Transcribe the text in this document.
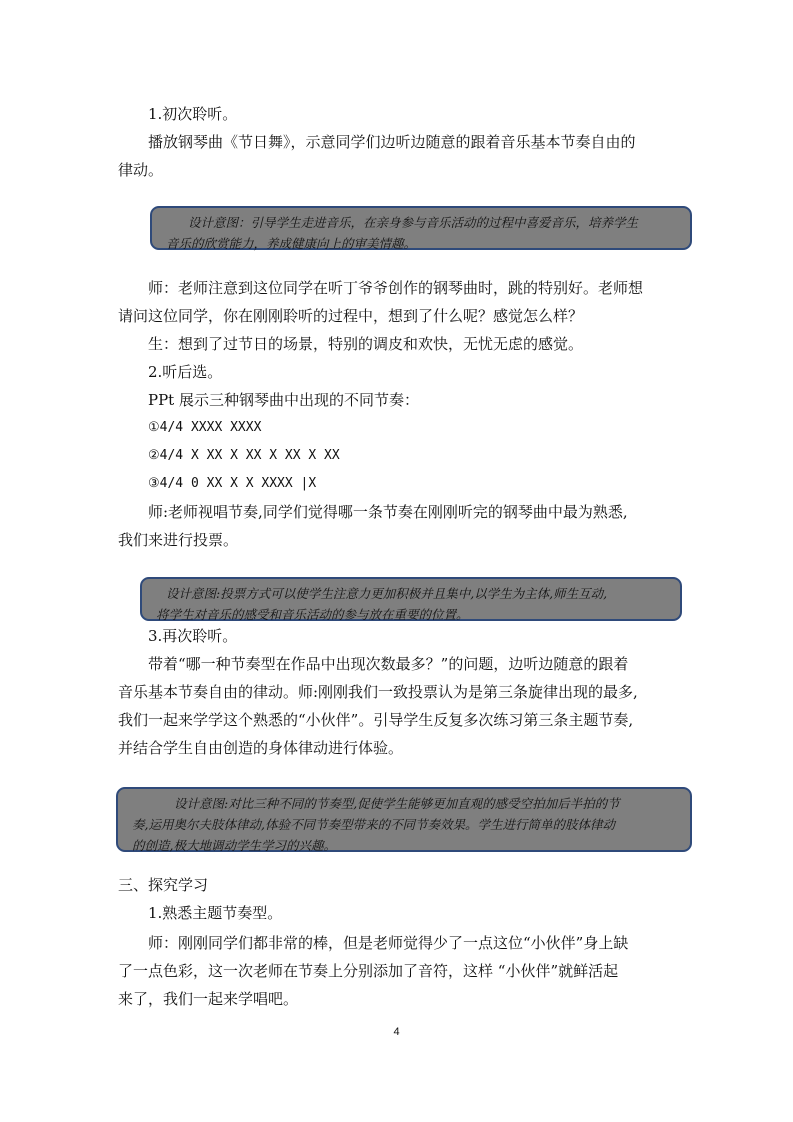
1.初次聆听。

播放钢琴曲《节日舞》，示意同学们边听边随意的跟着音乐基本节奏自由的

律动。

设计意图：引导学生走进音乐，在亲身参与音乐活动的过程中喜爱音乐，培养学生
音乐的欣赏能力，养成健康向上的审美情趣。

师：老师注意到这位同学在听丁爷爷创作的钢琴曲时，跳的特别好。老师想

请问这位同学，你在刚刚聆听的过程中，想到了什么呢？感觉怎么样？

生：想到了过节日的场景，特别的调皮和欢快，无忧无虑的感觉。

2.听后选。

PPt 展示三种钢琴曲中出现的不同节奏：

①4/4 XXXX XXXX

②4/4 X XX X XX X XX X XX

③4/4 0 XX X X XXXX |X

师:老师视唱节奏,同学们觉得哪一条节奏在刚刚听完的钢琴曲中最为熟悉,

我们来进行投票。

设计意图:投票方式可以使学生注意力更加积极并且集中,以学生为主体,师生互动,
将学生对音乐的感受和音乐活动的参与放在重要的位置。

3.再次聆听。

带着“哪一种节奏型在作品中出现次数最多？”的问题，边听边随意的跟着

音乐基本节奏自由的律动。师:刚刚我们一致投票认为是第三条旋律出现的最多,

我们一起来学学这个熟悉的“小伙伴”。引导学生反复多次练习第三条主题节奏,

并结合学生自由创造的身体律动进行体验。

设计意图:对比三种不同的节奏型,促使学生能够更加直观的感受空拍加后半拍的节
奏,运用奥尔夫肢体律动,体验不同节奏型带来的不同节奏效果。学生进行简单的肢体律动
的创造,极大地调动学生学习的兴趣。

三、探究学习

1.熟悉主题节奏型。

师：刚刚同学们都非常的棒，但是老师觉得少了一点这位“小伙伴”身上缺

了一点色彩，这一次老师在节奏上分别添加了音符，这样 “小伙伴”就鲜活起

来了，我们一起来学唱吧。

4
